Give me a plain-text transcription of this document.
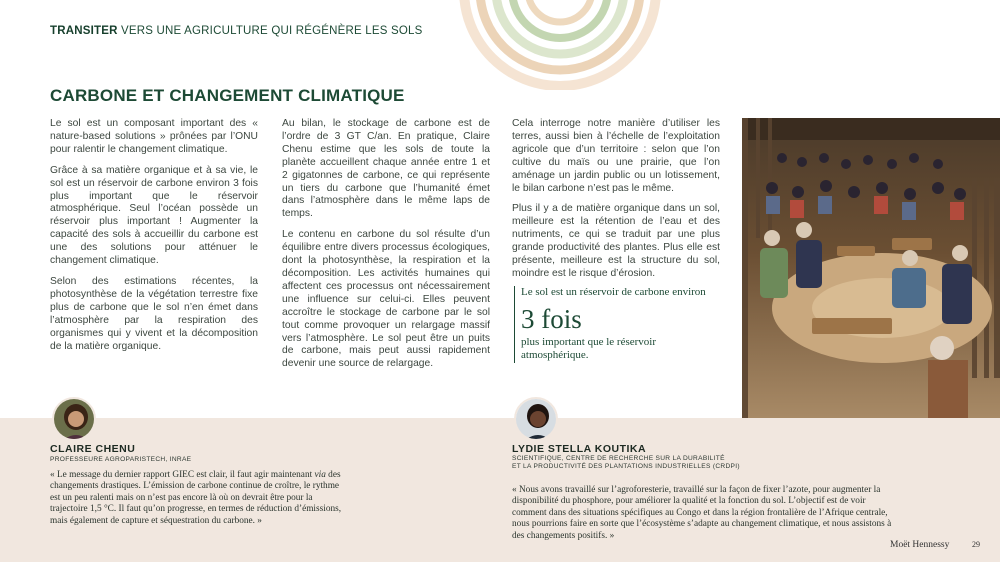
TRANSITER VERS UNE AGRICULTURE QUI RÉGÉNÈRE LES SOLS
CARBONE ET CHANGEMENT CLIMATIQUE

Le sol est un composant important des « nature-based solutions » prônées par l’ONU pour ralentir le changement climatique.

Grâce à sa matière organique et à sa vie, le sol est un réservoir de carbone environ 3 fois plus important que le réservoir atmosphérique. Seul l’océan possède un réservoir plus important ! Augmenter la capacité des sols à accueillir du carbone est une des solutions pour atténuer le changement climatique.

Selon des estimations récentes, la photosynthèse de la végétation terrestre fixe plus de carbone que le sol n’en émet dans l’atmosphère par la respiration des organismes qui y vivent et la décomposition de la matière organique.

Au bilan, le stockage de carbone est de l’ordre de 3 GT C/an. En pratique, Claire Chenu estime que les sols de toute la planète accueillent chaque année entre 1 et 2 gigatonnes de carbone, ce qui représente un tiers du carbone que l’humanité émet dans l’atmosphère dans le même laps de temps.

Le contenu en carbone du sol résulte d’un équilibre entre divers processus écologiques, dont la photosynthèse, la respiration et la décomposition. Les activités humaines qui affectent ces processus ont nécessairement une influence sur celui-ci. Elles peuvent accroître le stockage de carbone par le sol tout comme provoquer un relargage massif vers l’atmosphère. Le sol peut être un puits de carbone, mais peut aussi rapidement devenir une source de relargage.

Cela interroge notre manière d’utiliser les terres, aussi bien à l’échelle de l’exploitation agricole que d’un territoire : selon que l’on cultive du maïs ou une prairie, que l’on aménage un jardin public ou un lotissement, le bilan carbone n’est pas le même.

Plus il y a de matière organique dans un sol, meilleure est la rétention de l’eau et des nutriments, ce qui se traduit par une plus grande productivité des plantes. Plus elle est présente, meilleure est la structure du sol, moindre est le risque d’érosion.

Le sol est un réservoir de carbone environ
3 fois
plus important que le réservoir atmosphérique.
CLAIRE CHENU
PROFESSEURE AGROPARISTECH, INRAE
« Le message du dernier rapport GIEC est clair, il faut agir maintenant via des changements drastiques. L’émission de carbone continue de croître, le rythme est un peu ralenti mais on n’est pas encore là où on devrait être pour la trajectoire 1,5 °C. Il faut qu’on progresse, en termes de réduction d’émissions, mais également de capture et séquestration du carbone. »
LYDIE STELLA KOUTIKA
SCIENTIFIQUE, CENTRE DE RECHERCHE SUR LA DURABILITÉ
ET LA PRODUCTIVITÉ DES PLANTATIONS INDUSTRIELLES (CRDPI)
« Nous avons travaillé sur l’agroforesterie, travaillé sur la façon de fixer l’azote, pour augmenter la disponibilité du phosphore, pour améliorer la qualité et la fonction du sol. L’objectif est de voir comment dans des situations spécifiques au Congo et dans la région frontalière de l’Afrique centrale, nous pourrions faire en sorte que l’écosystème s’adapte au changement climatique, et nous assistons à des changements positifs. »
Moët Hennessy	29
